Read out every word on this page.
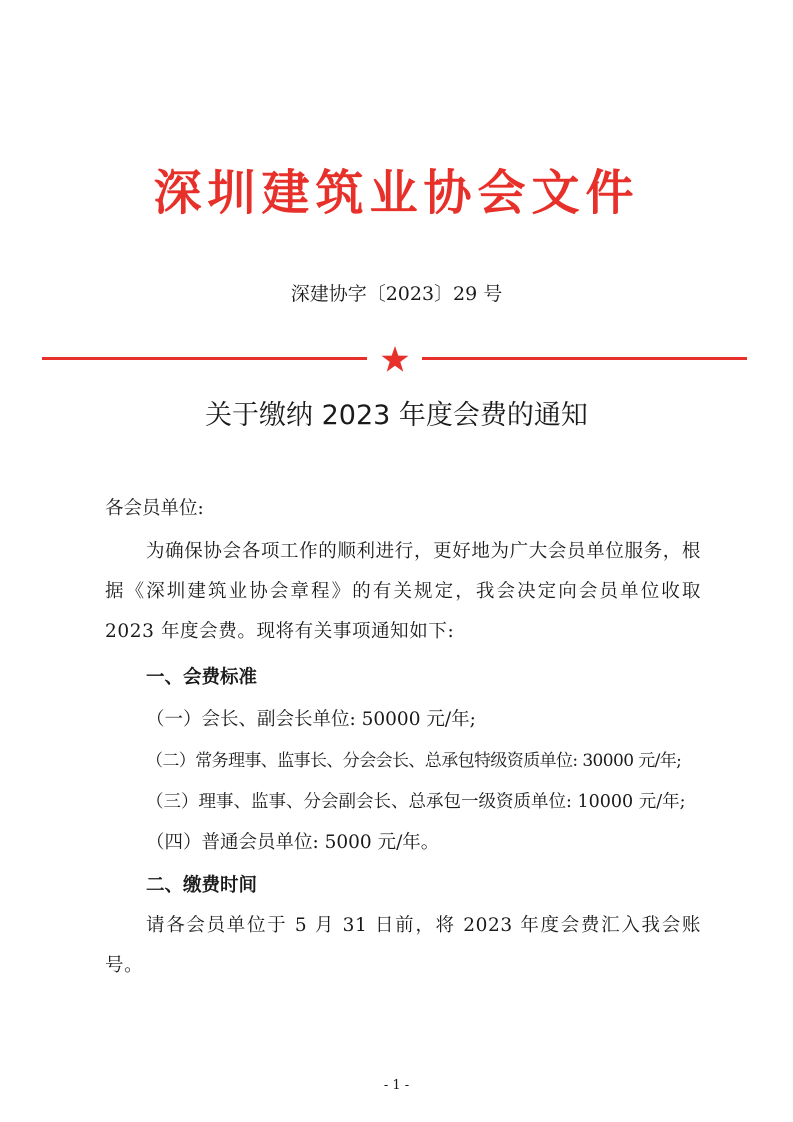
深圳建筑业协会文件
深建协字〔2023〕29 号
关于缴纳 2023 年度会费的通知
各会员单位:
为确保协会各项工作的顺利进行，更好地为广大会员单位服务，根据《深圳建筑业协会章程》的有关规定，我会决定向会员单位收取 2023 年度会费。现将有关事项通知如下:
一、会费标准
（一）会长、副会长单位: 50000 元/年;
（二）常务理事、监事长、分会会长、总承包特级资质单位: 30000 元/年;
（三）理事、监事、分会副会长、总承包一级资质单位: 10000 元/年;
（四）普通会员单位: 5000 元/年。
二、缴费时间
请各会员单位于 5 月 31 日前，将 2023 年度会费汇入我会账号。
- 1 -
